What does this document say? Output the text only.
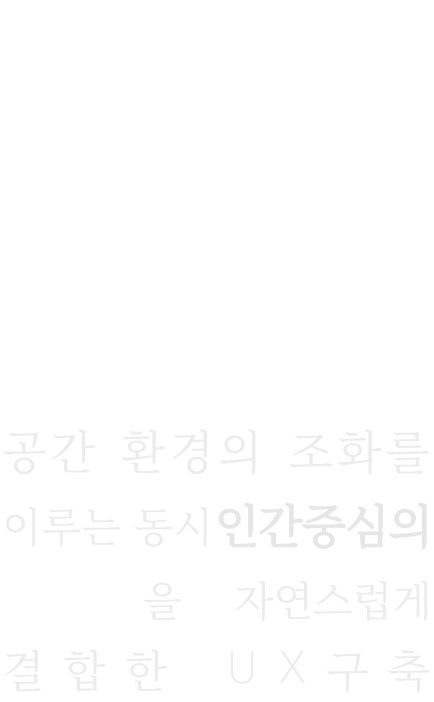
공 간 환 경 의 조 화 를
이루는 동시 인간중심의
을 자연스럽게
결 합 한 U X 구 축
